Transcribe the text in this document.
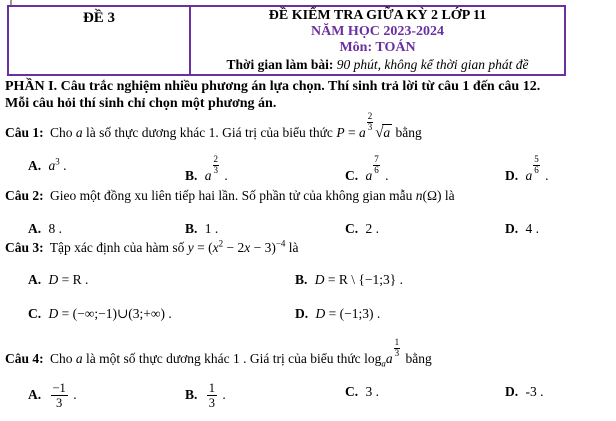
ĐỀ 3	ĐỀ KIỂM TRA GIỮA KỲ 2 LỚP 11
NĂM HỌC 2023-2024
Môn: TOÁN
Thời gian làm bài: 90 phút, không kể thời gian phát đề
PHẦN I. Câu trắc nghiệm nhiều phương án lựa chọn. Thí sinh trả lời từ câu 1 đến câu 12.
Mỗi câu hỏi thí sinh chỉ chọn một phương án.
Câu 1: Cho a là số thực dương khác 1. Giá trị của biểu thức P = a $\frac{2}{3}$
√a bằng
A. $a^3$ .
B. a $\frac{2}{3}$ .	C. a $\frac{7}{6}$ .	D. a $\frac{5}{6}$ .
Câu 2: Gieo một đồng xu liên tiếp hai lần. Số phần tử của không gian mẫu n(Ω) là
A. 8 .	B. 1 .	C. 2 .	D. 4 .
Câu 3: Tập xác định của hàm số $y = (x^2 - 2x - 3)^{-4}$ là
A. D = R .	B. D = R \ {−1;3} .
C. D = (−∞;−1)∪(3;+∞) .	D. D = (−1;3) .
Câu 4: Cho a là một số thực dương khác 1 . Giá trị của biểu thức $\log_aa \frac{1}{3}$ bằng
A. $\frac{-1}{3}$ .	B. $\frac{1}{3}$ .	C. 3 .	D. -3 .
